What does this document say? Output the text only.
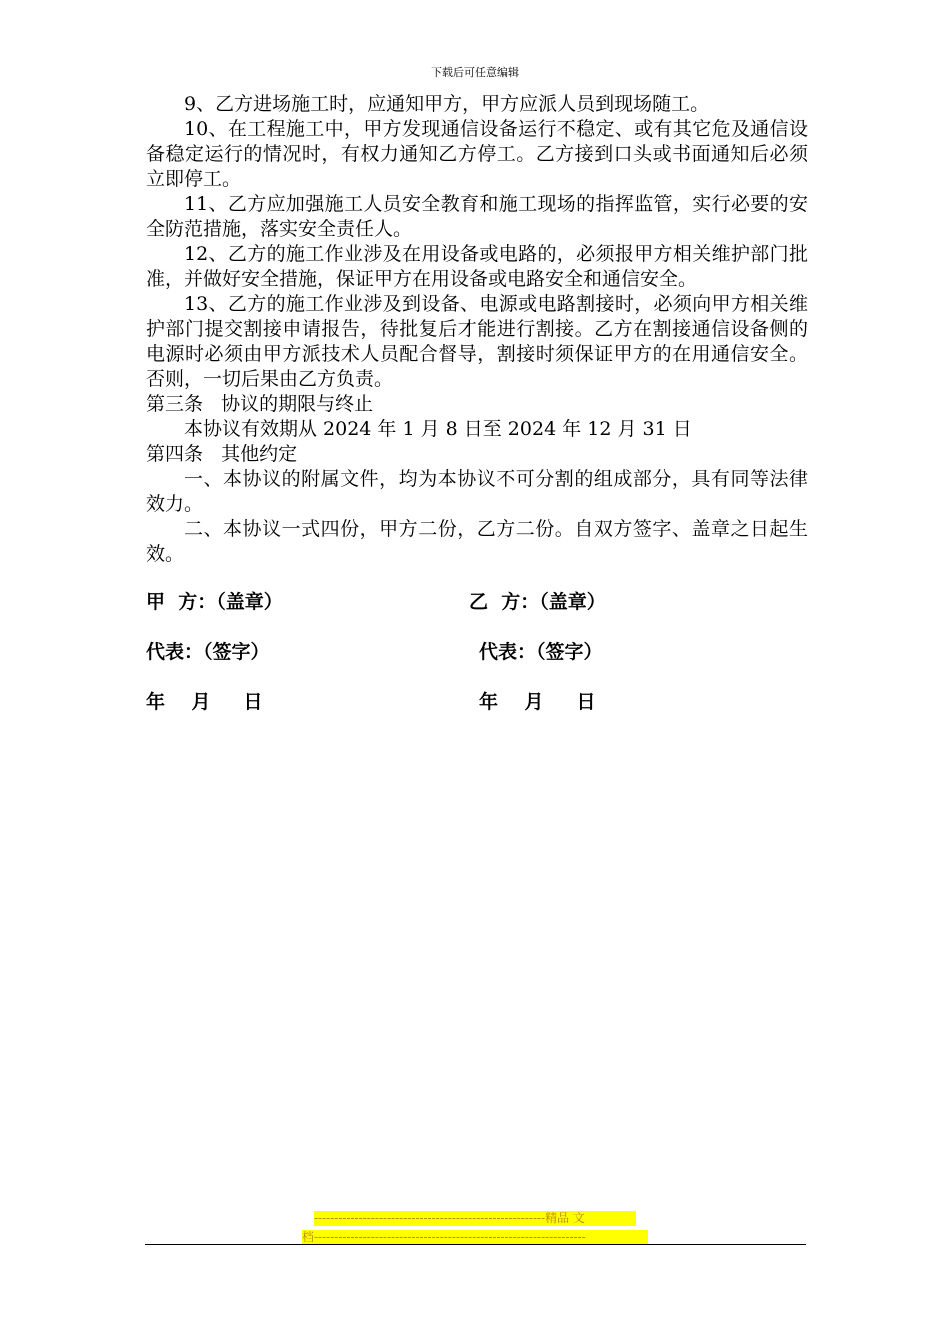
下载后可任意编辑

9、乙方进场施工时，应通知甲方，甲方应派人员到现场随工。

10、在工程施工中，甲方发现通信设备运行不稳定、或有其它危及通信设备稳定运行的情况时，有权力通知乙方停工。乙方接到口头或书面通知后必须立即停工。

11、乙方应加强施工人员安全教育和施工现场的指挥监管，实行必要的安全防范措施，落实安全责任人。

12、乙方的施工作业涉及在用设备或电路的，必须报甲方相关维护部门批准，并做好安全措施，保证甲方在用设备或电路安全和通信安全。

13、乙方的施工作业涉及到设备、电源或电路割接时，必须向甲方相关维护部门提交割接申请报告，待批复后才能进行割接。乙方在割接通信设备侧的电源时必须由甲方派技术人员配合督导，割接时须保证甲方的在用通信安全。否则，一切后果由乙方负责。

第三条   协议的期限与终止

本协议有效期从 2024 年 1 月 8 日至 2024 年 12 月 31 日

第四条   其他约定

一、本协议的附属文件，均为本协议不可分割的组成部分，具有同等法律效力。

二、本协议一式四份，甲方二份，乙方二份。自双方签字、盖章之日起生效。

甲  方：（盖章）	乙  方：（盖章）
代表：（签字）	代表：（签字）
年    月     日	年    月     日
---------------------------------------------------------精品 文
档-------------------------------------------------------------------
